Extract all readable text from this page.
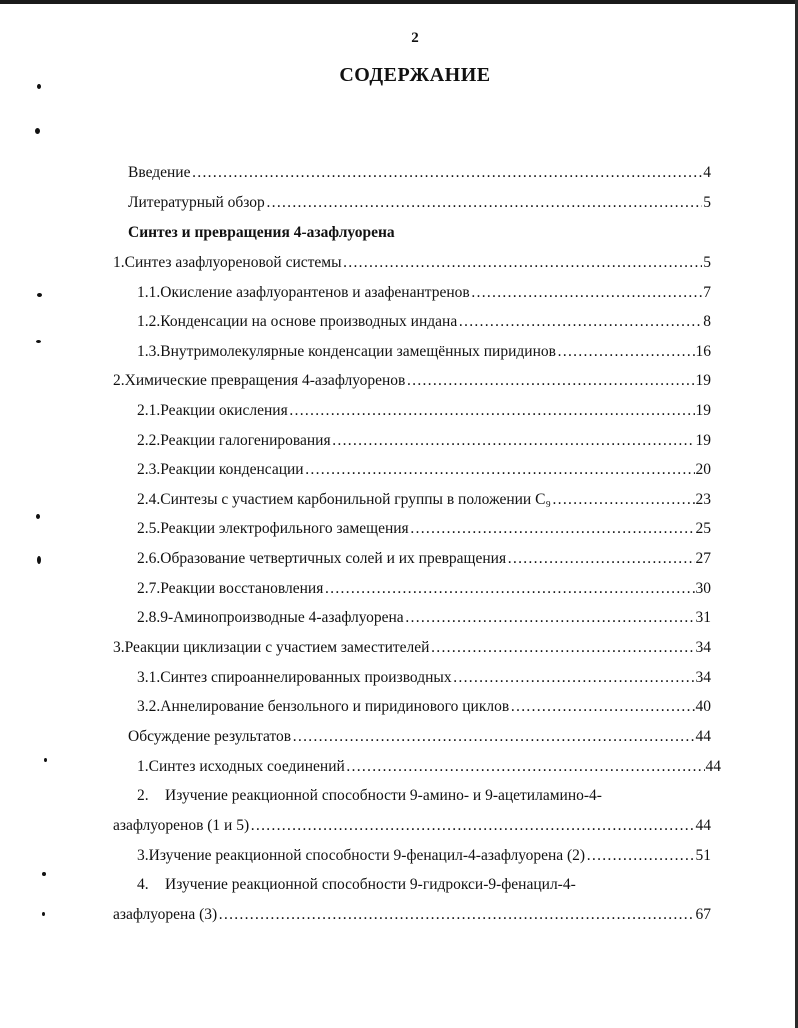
2
СОДЕРЖАНИЕ
Введение ……………………………………………………………………………………………………………………………………………………………………………………………	4
Литературный обзор ……………………………………………………………………………………………………………………………………………………………………………………………	5
Синтез и превращения 4-азафлуорена
1. Синтез азафлуореновой системы ……………………………………………………………………………………………………………………………………………………………………………………………	5
1.1. Окисление азафлуорантенов и азафенантренов ……………………………………………………………………………………………………………………………………………………………………………………………	7
1.2. Конденсации на основе производных индана ……………………………………………………………………………………………………………………………………………………………………………………………	8
1.3. Внутримолекулярные конденсации замещённых пиридинов ……………………………………………………………………………………………………………………………………………………………………………………………	16
2. Химические превращения 4-азафлуоренов ……………………………………………………………………………………………………………………………………………………………………………………………	19
2.1. Реакции окисления ……………………………………………………………………………………………………………………………………………………………………………………………	19
2.2. Реакции галогенирования ……………………………………………………………………………………………………………………………………………………………………………………………	19
2.3. Реакции конденсации ……………………………………………………………………………………………………………………………………………………………………………………………	20
2.4. Синтезы с участием карбонильной группы в положении C₉ ……………………………………………………………………………………………………………………………………………………………………………………………	23
2.5. Реакции электрофильного замещения ……………………………………………………………………………………………………………………………………………………………………………………………	25
2.6. Образование четвертичных солей и их превращения ……………………………………………………………………………………………………………………………………………………………………………………………	27
2.7. Реакции восстановления ……………………………………………………………………………………………………………………………………………………………………………………………	30
2.8. 9-Аминопроизводные 4-азафлуорена ……………………………………………………………………………………………………………………………………………………………………………………………	31
3. Реакции циклизации с участием заместителей ……………………………………………………………………………………………………………………………………………………………………………………………	34
3.1. Синтез спироаннелированных производных ……………………………………………………………………………………………………………………………………………………………………………………………	34
3.2. Аннелирование бензольного и пиридинового циклов ……………………………………………………………………………………………………………………………………………………………………………………………	40
Обсуждение результатов ……………………………………………………………………………………………………………………………………………………………………………………………	44
1. Синтез исходных соединений ……………………………………………………………………………………………………………………………………………………………………………………………	44
2.	Изучение реакционной способности 9-амино- и 9-ацетиламино-4-
азафлуоренов (1 и 5) ……………………………………………………………………………………………………………………………………………………………………………………………	44
3. Изучение реакционной способности 9-фенацил-4-азафлуорена (2) ……………………………………………………………………………………………………………………………………………………………………………………………	51
4.	Изучение реакционной способности 9-гидрокси-9-фенацил-4-
азафлуорена (3) ……………………………………………………………………………………………………………………………………………………………………………………………	67
